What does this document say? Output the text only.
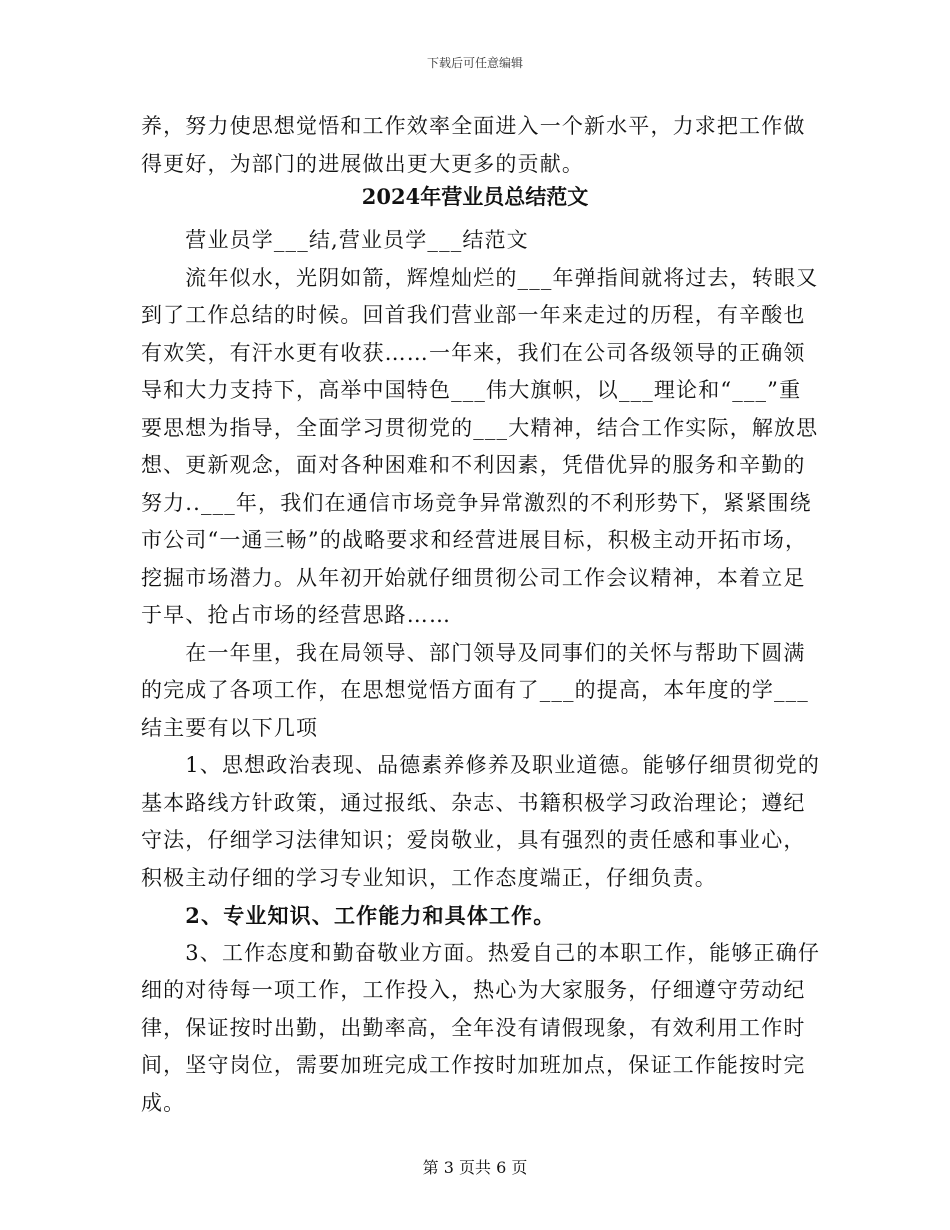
下载后可任意编辑
养，努力使思想觉悟和工作效率全面进入一个新水平，力求把工作做
得更好，为部门的进展做出更大更多的贡献。
2024年营业员总结范文
　　营业员学___结,营业员学___结范文
　　流年似水，光阴如箭，辉煌灿烂的___年弹指间就将过去，转眼又
到了工作总结的时候。回首我们营业部一年来走过的历程，有辛酸也
有欢笑，有汗水更有收获……一年来，我们在公司各级领导的正确领
导和大力支持下，高举中国特色___伟大旗帜，以___理论和“___”重
要思想为指导，全面学习贯彻党的___大精神，结合工作实际，解放思
想、更新观念，面对各种困难和不利因素，凭借优异的服务和辛勤的
努力..___年，我们在通信市场竞争异常激烈的不利形势下，紧紧围绕
市公司“一通三畅”的战略要求和经营进展目标，积极主动开拓市场，
挖掘市场潜力。从年初开始就仔细贯彻公司工作会议精神，本着立足
于早、抢占市场的经营思路……
　　在一年里，我在局领导、部门领导及同事们的关怀与帮助下圆满
的完成了各项工作，在思想觉悟方面有了___的提高，本年度的学___
结主要有以下几项
　　1、思想政治表现、品德素养修养及职业道德。能够仔细贯彻党的
基本路线方针政策，通过报纸、杂志、书籍积极学习政治理论；遵纪
守法，仔细学习法律知识；爱岗敬业，具有强烈的责任感和事业心，
积极主动仔细的学习专业知识，工作态度端正，仔细负责。
　　2、专业知识、工作能力和具体工作。
　　3、工作态度和勤奋敬业方面。热爱自己的本职工作，能够正确仔
细的对待每一项工作，工作投入，热心为大家服务，仔细遵守劳动纪
律，保证按时出勤，出勤率高，全年没有请假现象，有效利用工作时
间，坚守岗位，需要加班完成工作按时加班加点，保证工作能按时完
成。
第 3 页共 6 页
